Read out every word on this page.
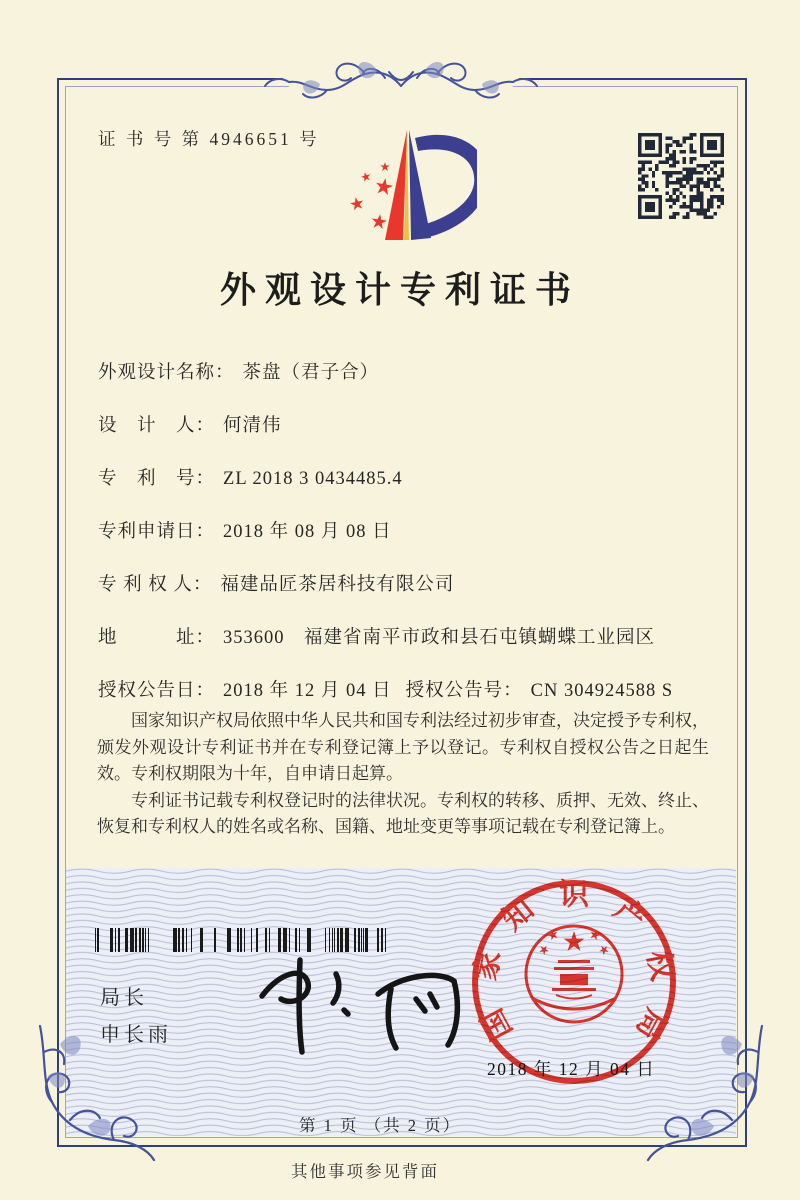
证 书 号 第 4946651 号
外观设计专利证书
外观设计名称： 茶盘（君子合）
设　计　人： 何清伟
专　利　号： ZL 2018 3 0434485.4
专利申请日： 2018 年 08 月 08 日
专 利 权 人： 福建品匠茶居科技有限公司
地　　　址： 353600　福建省南平市政和县石屯镇蝴蝶工业园区
授权公告日： 2018 年 12 月 04 日 授权公告号： CN 304924588 S

国家知识产权局依照中华人民共和国专利法经过初步审查，决定授予专利权，颁发外观设计专利证书并在专利登记簿上予以登记。专利权自授权公告之日起生效。专利权期限为十年，自申请日起算。

专利证书记载专利权登记时的法律状况。专利权的转移、质押、无效、终止、恢复和专利权人的姓名或名称、国籍、地址变更等事项记载在专利登记簿上。

局长
申长雨	国家知识产权局
2018 年 12 月 04 日
第 1 页 （共 2 页）
其他事项参见背面
